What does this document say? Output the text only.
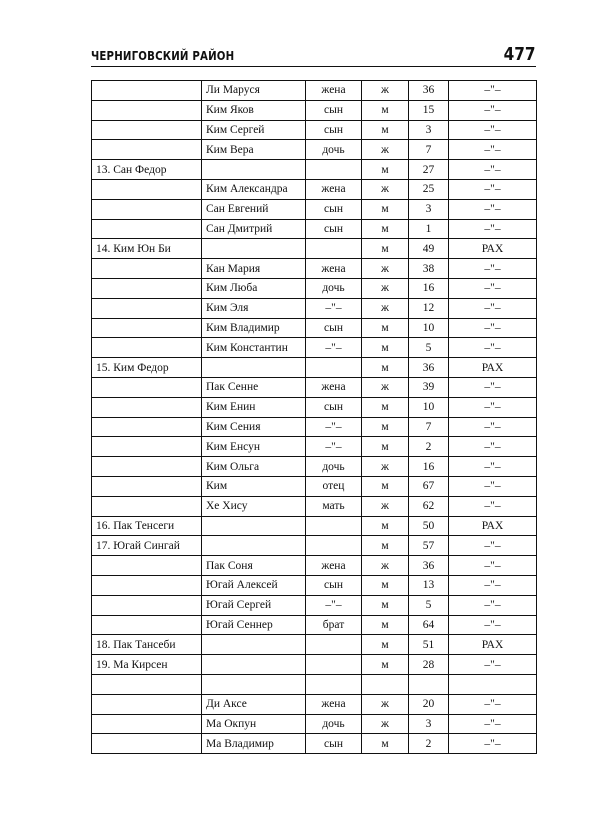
ЧЕРНИГОВСКИЙ РАЙОН	477
	Ли Маруся	жена	ж	36	–"–
	Ким Яков	сын	м	15	–"–
	Ким Сергей	сын	м	3	–"–
	Ким Вера	дочь	ж	7	–"–
13. Сан Федор			м	27	–"–
	Ким Александра	жена	ж	25	–"–
	Сан Евгений	сын	м	3	–"–
	Сан Дмитрий	сын	м	1	–"–
14. Ким Юн Би			м	49	РАХ
	Кан Мария	жена	ж	38	–"–
	Ким Люба	дочь	ж	16	–"–
	Ким Эля	–"–	ж	12	–"–
	Ким Владимир	сын	м	10	–"–
	Ким Константин	–"–	м	5	–"–
15. Ким Федор			м	36	РАХ
	Пак Сенне	жена	ж	39	–"–
	Ким Енин	сын	м	10	–"–
	Ким Сения	–"–	м	7	–"–
	Ким Енсун	–"–	м	2	–"–
	Ким Ольга	дочь	ж	16	–"–
	Ким	отец	м	67	–"–
	Хе Хису	мать	ж	62	–"–
16. Пак Тенсеги			м	50	РАХ
17. Югай Сингай			м	57	–"–
	Пак Соня	жена	ж	36	–"–
	Югай Алексей	сын	м	13	–"–
	Югай Сергей	–"–	м	5	–"–
	Югай Сеннер	брат	м	64	–"–
18. Пак Тансеби			м	51	РАХ
19. Ма Кирсен			м	28	–"–

	Ди Аксе	жена	ж	20	–"–
	Ма Окпун	дочь	ж	3	–"–
	Ма Владимир	сын	м	2	–"–
